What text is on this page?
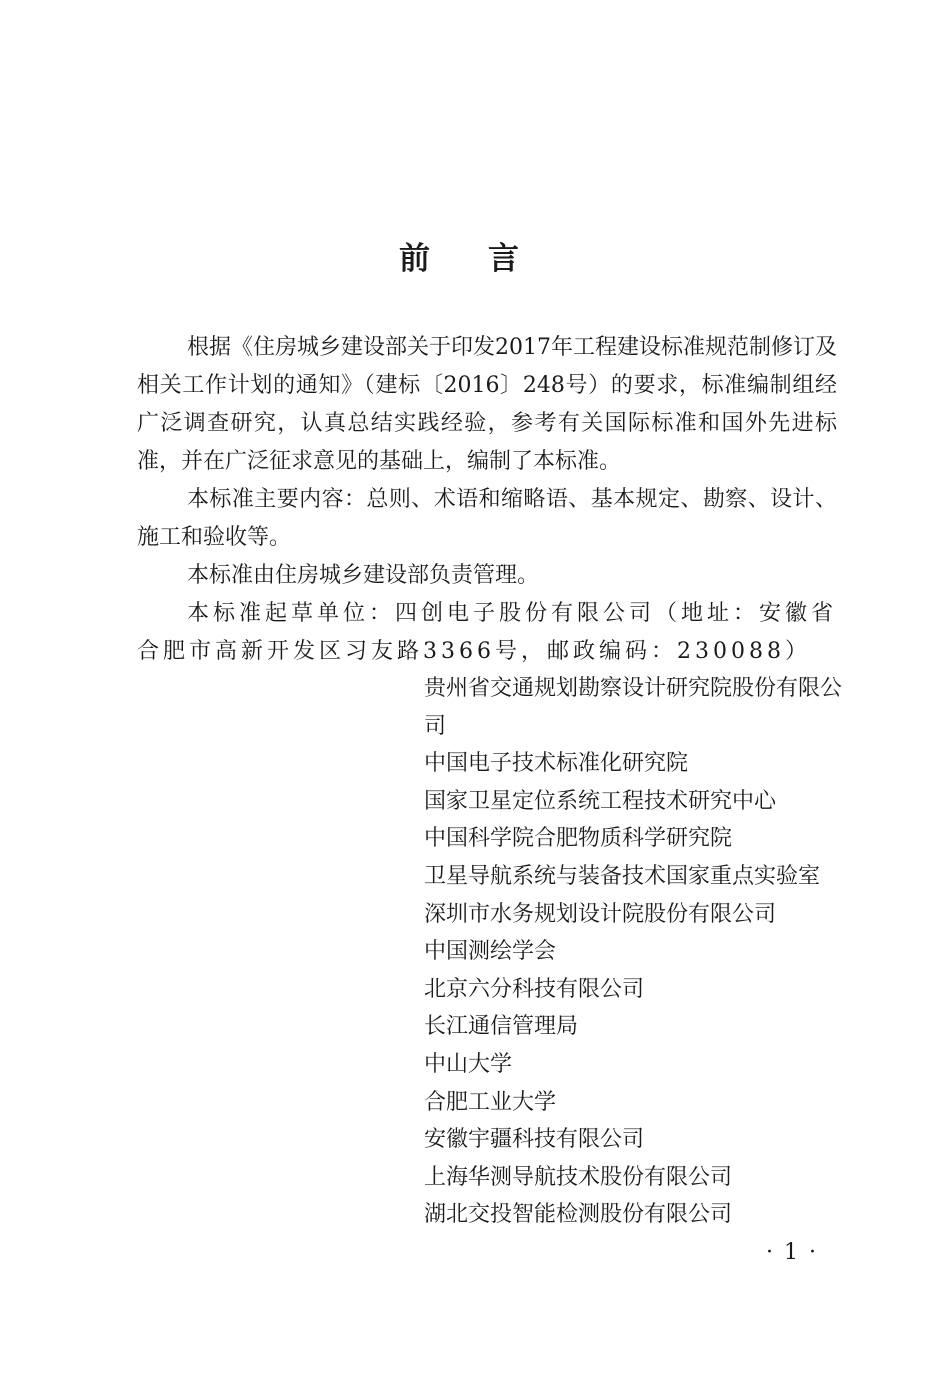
前言

根据《住房城乡建设部关于印发2017年工程建设标准规范制修订及相关工作计划的通知》（建标〔2016〕248号）的要求，标准编制组经广泛调查研究，认真总结实践经验，参考有关国际标准和国外先进标准，并在广泛征求意见的基础上，编制了本标准。

本标准主要内容：总则、术语和缩略语、基本规定、勘察、设计、施工和验收等。

本标准由住房城乡建设部负责管理。

本标准起草单位：四创电子股份有限公司（地址：安徽省合肥市高新开发区习友路3366号，邮政编码：230088）

贵州省交通规划勘察设计研究院股份有限公司
中国电子技术标准化研究院
国家卫星定位系统工程技术研究中心
中国科学院合肥物质科学研究院
卫星导航系统与装备技术国家重点实验室
深圳市水务规划设计院股份有限公司
中国测绘学会
北京六分科技有限公司
长江通信管理局
中山大学
合肥工业大学
安徽宇疆科技有限公司
上海华测导航技术股份有限公司
湖北交投智能检测股份有限公司
· 1 ·
